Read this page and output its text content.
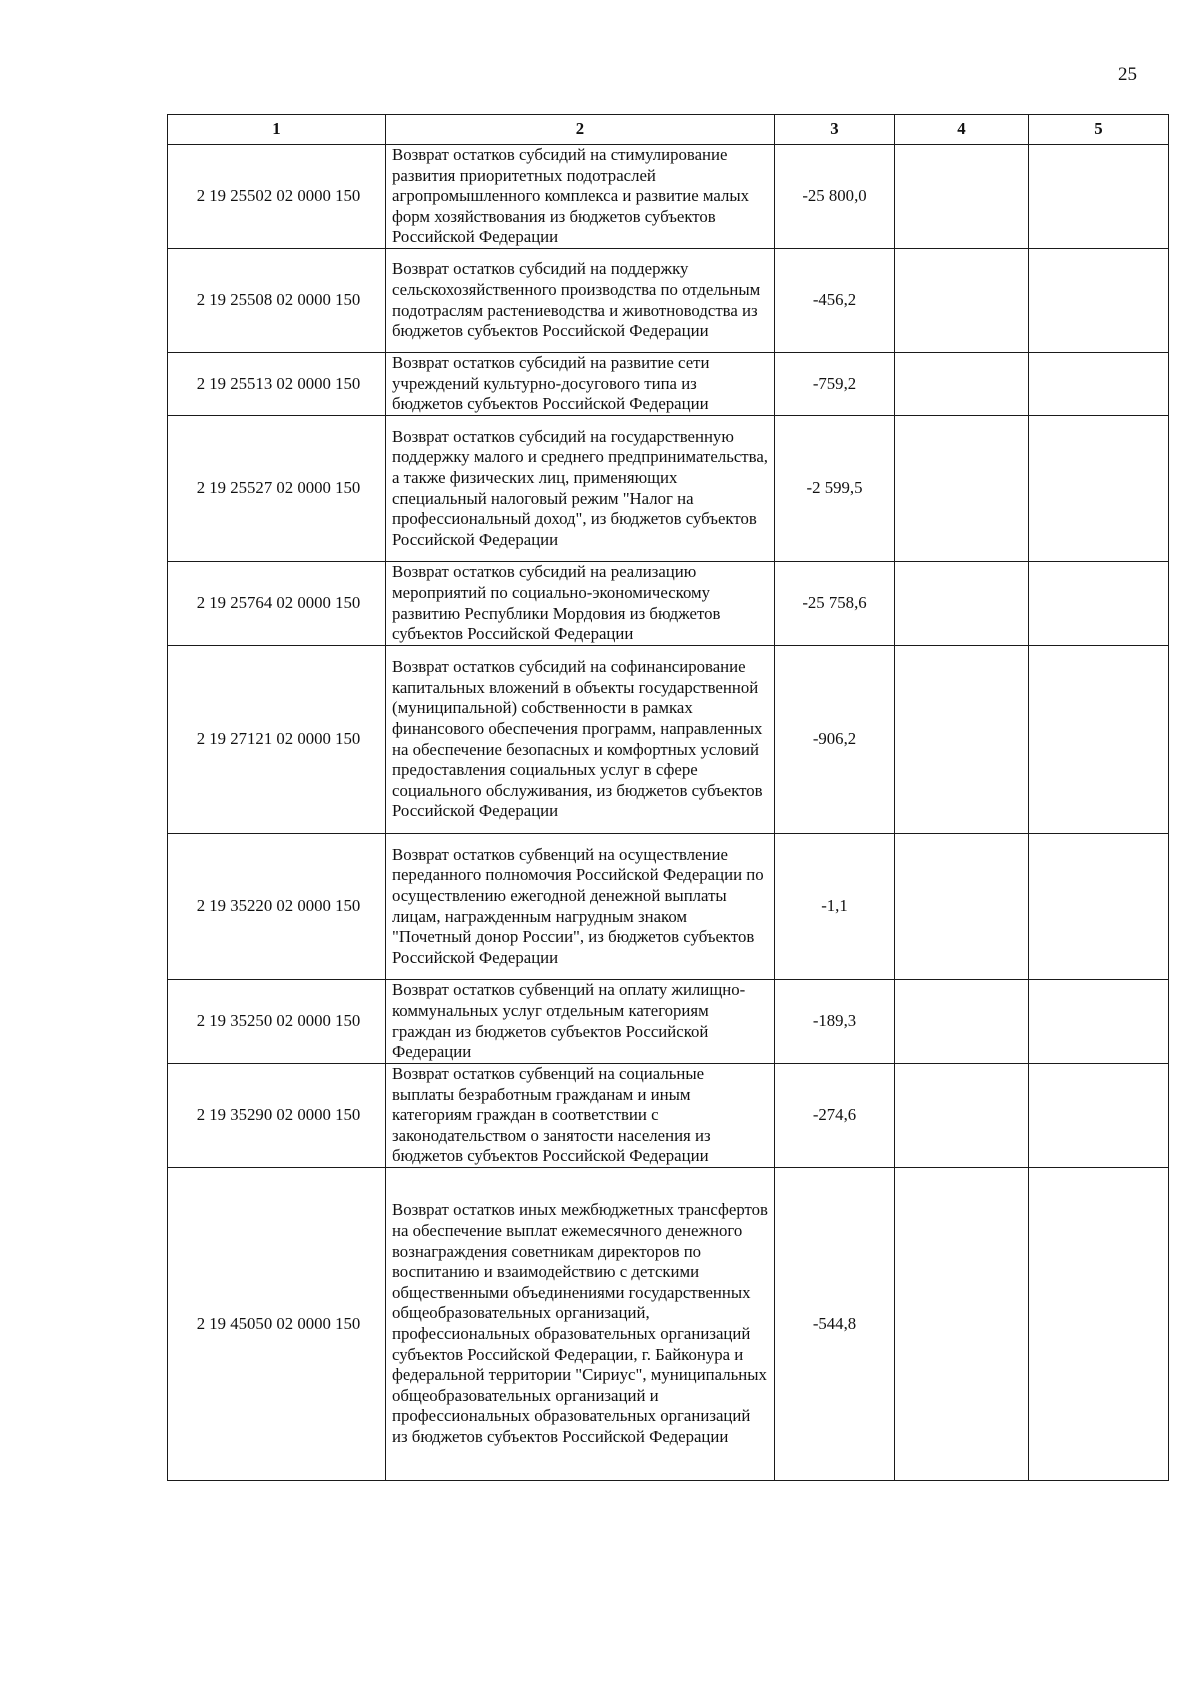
25
1	2	3	4	5
2 19 25502 02 0000 150	Возврат остатков субсидий на стимулирование развития приоритетных подотраслей агропромышленного комплекса и развитие малых форм хозяйствования из бюджетов субъектов Российской Федерации	-25 800,0		
2 19 25508 02 0000 150	Возврат остатков субсидий на поддержку сельскохозяйственного производства по отдельным подотраслям растениеводства и животноводства из бюджетов субъектов Российской Федерации	-456,2		
2 19 25513 02 0000 150	Возврат остатков субсидий на развитие сети учреждений культурно-досугового типа из бюджетов субъектов Российской Федерации	-759,2		
2 19 25527 02 0000 150	Возврат остатков субсидий на государственную поддержку малого и среднего предпринимательства, а также физических лиц, применяющих специальный налоговый режим "Налог на профессиональный доход", из бюджетов субъектов Российской Федерации	-2 599,5		
2 19 25764 02 0000 150	Возврат остатков субсидий на реализацию мероприятий по социально-экономическому развитию Республики Мордовия из бюджетов субъектов Российской Федерации	-25 758,6		
2 19 27121 02 0000 150	Возврат остатков субсидий на софинансирование капитальных вложений в объекты государственной (муниципальной) собственности в рамках финансового обеспечения программ, направленных на обеспечение безопасных и комфортных условий предоставления социальных услуг в сфере социального обслуживания, из бюджетов субъектов Российской Федерации	-906,2		
2 19 35220 02 0000 150	Возврат остатков субвенций на осуществление переданного полномочия Российской Федерации по осуществлению ежегодной денежной выплаты лицам, награжденным нагрудным знаком "Почетный донор России", из бюджетов субъектов Российской Федерации	-1,1		
2 19 35250 02 0000 150	Возврат остатков субвенций на оплату жилищно-коммунальных услуг отдельным категориям граждан из бюджетов субъектов Российской Федерации	-189,3		
2 19 35290 02 0000 150	Возврат остатков субвенций на социальные выплаты безработным гражданам и иным категориям граждан в соответствии с законодательством о занятости населения из бюджетов субъектов Российской Федерации	-274,6		
2 19 45050 02 0000 150	Возврат остатков иных межбюджетных трансфертов на обеспечение выплат ежемесячного денежного вознаграждения советникам директоров по воспитанию и взаимодействию с детскими общественными объединениями государственных общеобразовательных организаций, профессиональных образовательных организаций субъектов Российской Федерации, г. Байконура и федеральной территории "Сириус", муниципальных общеобразовательных организаций и профессиональных образовательных организаций из бюджетов субъектов Российской Федерации	-544,8		
